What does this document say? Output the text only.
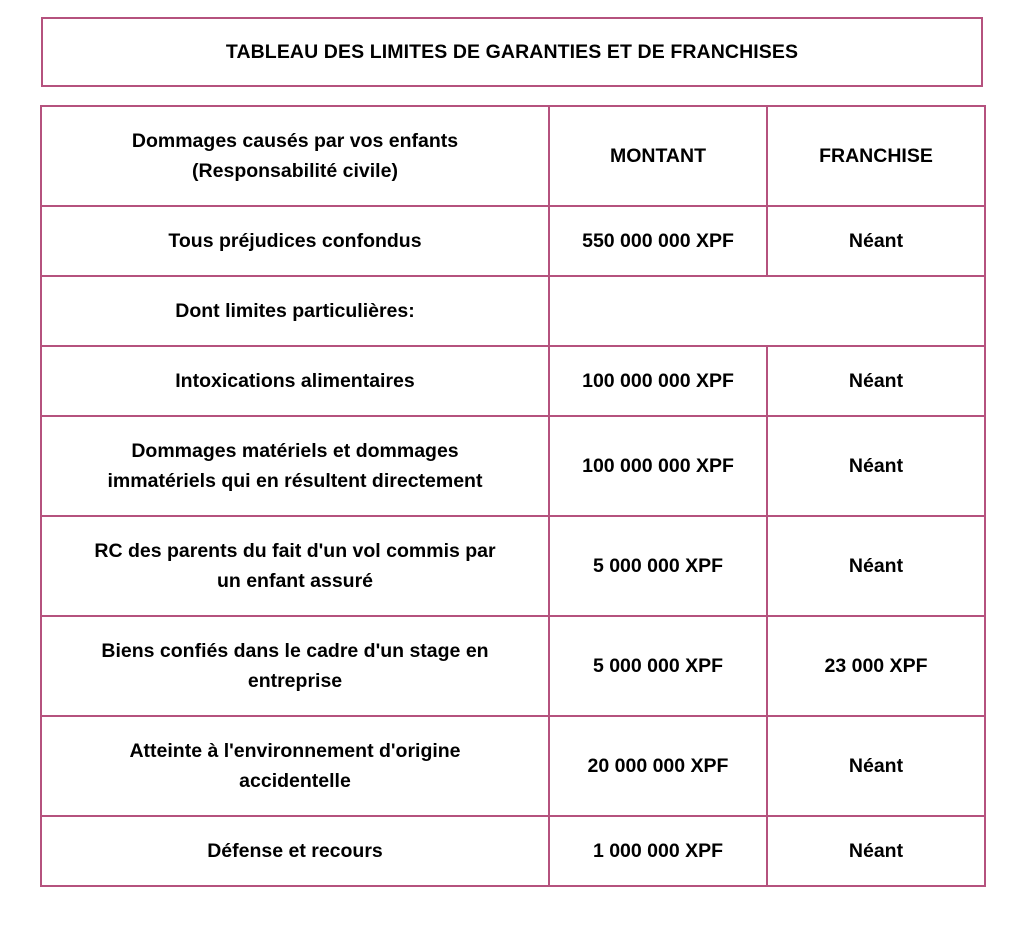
TABLEAU DES LIMITES DE GARANTIES ET DE FRANCHISES
Dommages causés par vos enfants
(Responsabilité civile)	MONTANT	FRANCHISE
Tous préjudices confondus	550 000 000 XPF	Néant
Dont limites particulières:		
Intoxications alimentaires	100 000 000 XPF	Néant
Dommages matériels et dommages
immatériels qui en résultent directement	100 000 000 XPF	Néant
RC des parents du fait d'un vol commis par
un enfant assuré	5 000 000 XPF	Néant
Biens confiés dans le cadre d'un stage en
entreprise	5 000 000 XPF	23 000 XPF
Atteinte à l'environnement d'origine
accidentelle	20 000 000 XPF	Néant
Défense et recours	1 000 000 XPF	Néant
